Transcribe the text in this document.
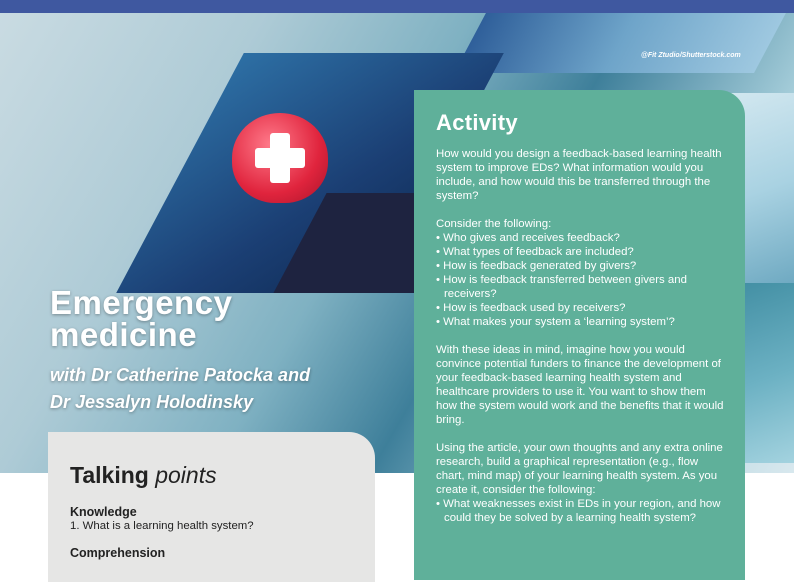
@Fit Ztudio/Shutterstock.com
Emergency
medicine
with Dr Catherine Patocka and
Dr Jessalyn Holodinsky
Activity

How would you design a feedback-based learning health system to improve EDs? What information would you include, and how would this be transferred through the system?

Consider the following:
• Who gives and receives feedback?
• What types of feedback are included?
• How is feedback generated by givers?
• How is feedback transferred between givers and receivers?
• How is feedback used by receivers?
• What makes your system a ‘learning system’?

With these ideas in mind, imagine how you would convince potential funders to finance the development of your feedback-based learning health system and healthcare providers to use it. You want to show them how the system would work and the benefits that it would bring.

Using the article, your own thoughts and any extra online research, build a graphical representation (e.g., flow chart, mind map) of your learning health system. As you create it, consider the following:

• What weaknesses exist in EDs in your region, and how could they be solved by a learning health system?
Talking points
Knowledge

1. What is a learning health system?

Comprehension
